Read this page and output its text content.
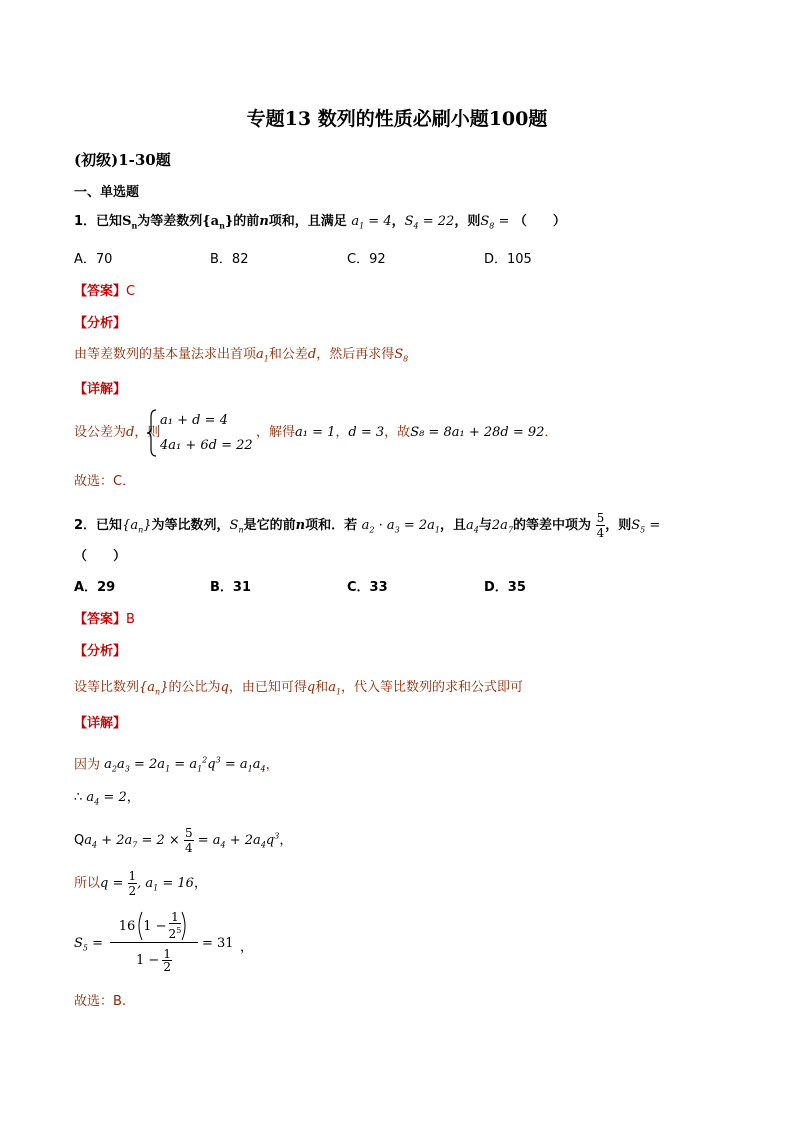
专题13 数列的性质必刷小题100题
(初级)1-30题
一、单选题
1．已知$S_n$为等差数列$\{a_n\}$的前n项和，且满足 $a_1 = 4$，$S_4 = 22$，则$S_8$ = （　　）
A．70	B．82	C．92	D．105
【答案】C
【分析】
由等差数列的基本量法求出首项$a_1$和公差d，然后再求得$S_8$
【详解】
设公差为d，则
a₁ + d = 4
4a₁ + 6d = 22
，解得a₁ = 1，d = 3，故S₈ = 8a₁ + 28d = 92．
故选：C．
2．已知$\{a_n\}$为等比数列，$S_n$是它的前n项和．若 $a_2 \cdot a_3 = 2a_1$，且$a_4$与$2a_7$的等差中项为 $\frac{5}{4}$ ，则$S_5$ =
（　　）
A．29	B．31	C．33	D．35
【答案】B
【分析】
设等比数列$\{a_n\}$的公比为q，由已知可得q和$a_1$，代入等比数列的求和公式即可
【详解】
因为 $a_2a_3 = 2a_1 = a_1^2q^3 = a_1a_4$，
∴ $a_4 = 2$，
$Qa_4 + 2a_7 = 2 \times \frac{5}{4} = a_4 + 2a_4q^3$，
所以$q = \frac{1}{2}$ , $a_1 = 16$，
$S_5$ =
16 $1 - \frac{1}{2^5}$
$1 - \frac{1}{2}$
= 31 ，
故选：B.
